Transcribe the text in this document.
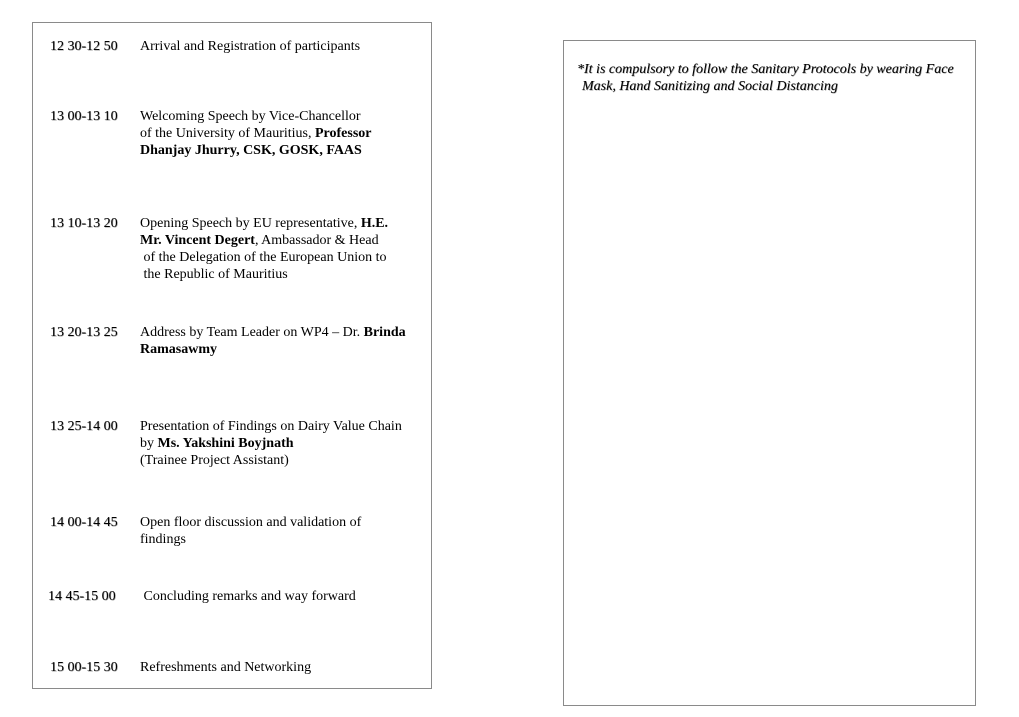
12 30-12 50 Arrival and Registration of participants
13 00-13 10 Welcoming Speech by Vice-Chancellor
of the University of Mauritius, Professor
Dhanjay Jhurry, CSK, GOSK, FAAS
13 10-13 20 Opening Speech by EU representative, H.E.
Mr. Vincent Degert, Ambassador & Head
of the Delegation of the European Union to
the Republic of Mauritius
13 20-13 25 Address by Team Leader on WP4 – Dr. Brinda
Ramasawmy
13 25-14 00 Presentation of Findings on Dairy Value Chain
by Ms. Yakshini Boyjnath
(Trainee Project Assistant)
14 00-14 45 Open floor discussion and validation of
findings
14 45-15 00 Concluding remarks and way forward
15 00-15 30 Refreshments and Networking
*It is compulsory to follow the Sanitary Protocols by wearing Face
Mask, Hand Sanitizing and Social Distancing
